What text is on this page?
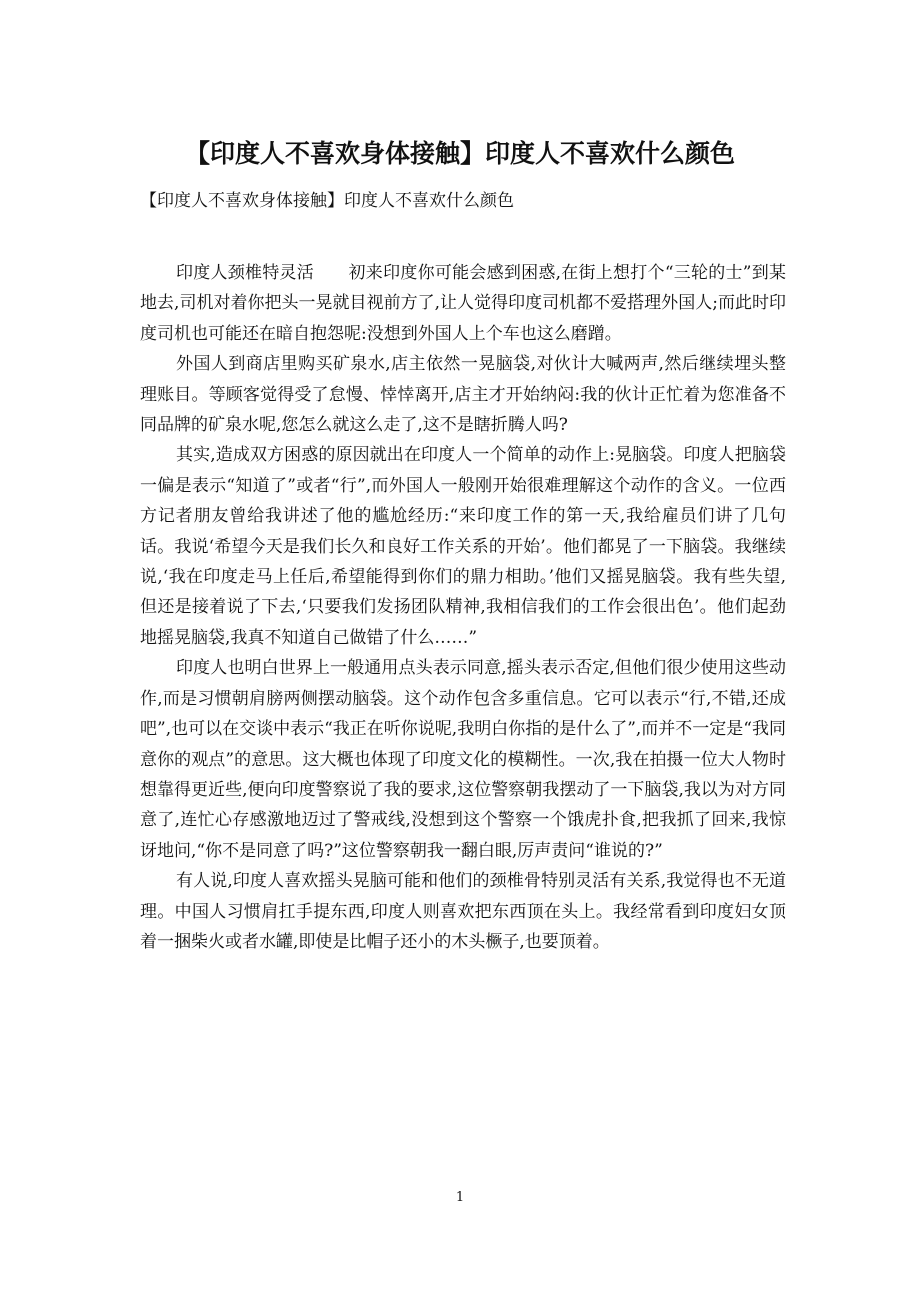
【印度人不喜欢身体接触】印度人不喜欢什么颜色

【印度人不喜欢身体接触】印度人不喜欢什么颜色

印度人颈椎特灵活　　初来印度你可能会感到困惑,在街上想打个“三轮的士”到某地去,司机对着你把头一晃就目视前方了,让人觉得印度司机都不爱搭理外国人;而此时印度司机也可能还在暗自抱怨呢:没想到外国人上个车也这么磨蹭。

外国人到商店里购买矿泉水,店主依然一晃脑袋,对伙计大喊两声,然后继续埋头整理账目。等顾客觉得受了怠慢、悻悻离开,店主才开始纳闷:我的伙计正忙着为您准备不同品牌的矿泉水呢,您怎么就这么走了,这不是瞎折腾人吗?

其实,造成双方困惑的原因就出在印度人一个简单的动作上:晃脑袋。印度人把脑袋一偏是表示“知道了”或者“行”,而外国人一般刚开始很难理解这个动作的含义。一位西方记者朋友曾给我讲述了他的尴尬经历:“来印度工作的第一天,我给雇员们讲了几句话。我说‘希望今天是我们长久和良好工作关系的开始’。他们都晃了一下脑袋。我继续说,‘我在印度走马上任后,希望能得到你们的鼎力相助。’他们又摇晃脑袋。我有些失望,但还是接着说了下去,‘只要我们发扬团队精神,我相信我们的工作会很出色’。他们起劲地摇晃脑袋,我真不知道自己做错了什么……”

印度人也明白世界上一般通用点头表示同意,摇头表示否定,但他们很少使用这些动作,而是习惯朝肩膀两侧摆动脑袋。这个动作包含多重信息。它可以表示“行,不错,还成吧”,也可以在交谈中表示“我正在听你说呢,我明白你指的是什么了”,而并不一定是“我同意你的观点”的意思。这大概也体现了印度文化的模糊性。一次,我在拍摄一位大人物时想靠得更近些,便向印度警察说了我的要求,这位警察朝我摆动了一下脑袋,我以为对方同意了,连忙心存感激地迈过了警戒线,没想到这个警察一个饿虎扑食,把我抓了回来,我惊讶地问,“你不是同意了吗?”这位警察朝我一翻白眼,厉声责问“谁说的?”

有人说,印度人喜欢摇头晃脑可能和他们的颈椎骨特别灵活有关系,我觉得也不无道理。中国人习惯肩扛手提东西,印度人则喜欢把东西顶在头上。我经常看到印度妇女顶着一捆柴火或者水罐,即使是比帽子还小的木头橛子,也要顶着。

1
